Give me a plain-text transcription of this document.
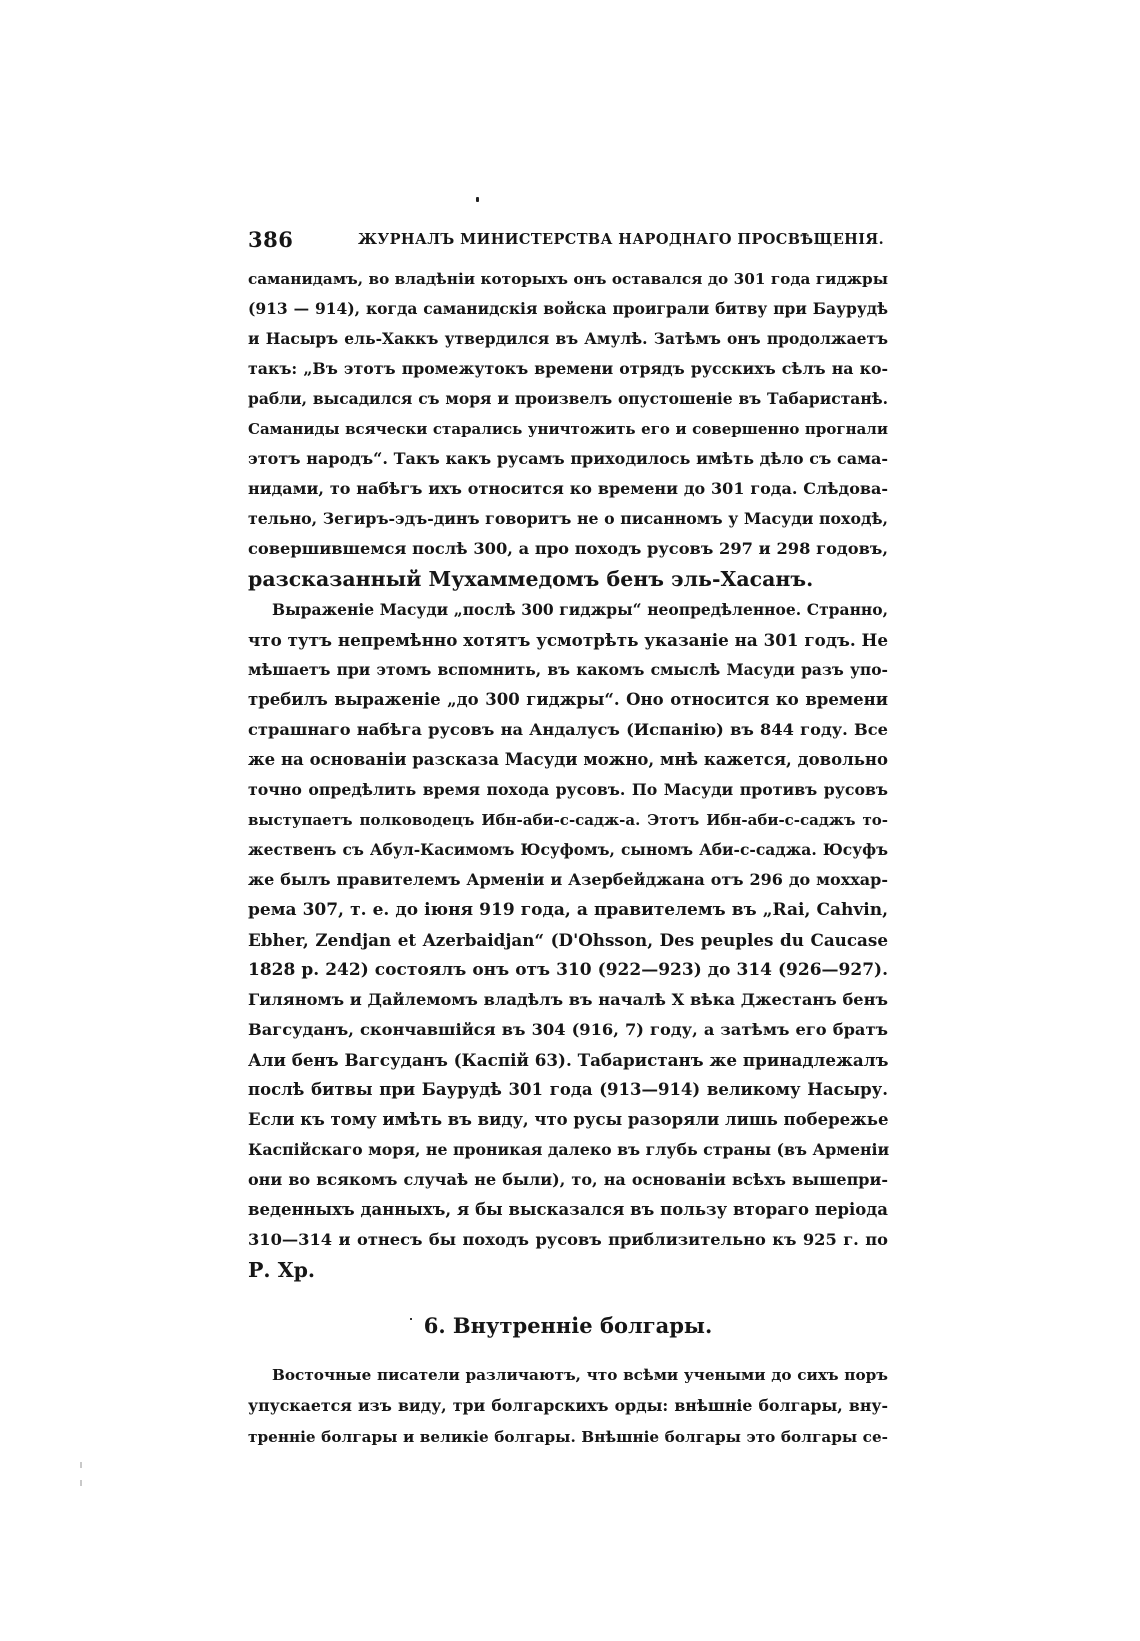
386	ЖУРНАЛЪ МИНИСТЕРСТВА НАРОДНАГО ПРОСВѢЩЕНІЯ.
саманидамъ, во владѣніи которыхъ онъ оставался до 301 года гиджры
(913 — 914), когда саманидскія войска проиграли битву при Баурудѣ
и Насыръ ель-Хаккъ утвердился въ Амулѣ. Затѣмъ онъ продолжаетъ
такъ: „Въ этотъ промежутокъ времени отрядъ русскихъ сѣлъ на ко-
рабли, высадился съ моря и произвелъ опустошеніе въ Табаристанѣ.
Саманиды всячески старались уничтожить его и совершенно прогнали
этотъ народъ“. Такъ какъ русамъ приходилось имѣть дѣло съ сама-
нидами, то набѣгъ ихъ относится ко времени до 301 года. Слѣдова-
тельно, Зегиръ-эдъ-динъ говоритъ не о писанномъ у Масуди походѣ,
совершившемся послѣ 300, а про походъ русовъ 297 и 298 годовъ,
разсказанный Мухаммедомъ бенъ эль-Хасанъ.
Выраженіе Масуди „послѣ 300 гиджры“ неопредѣленное. Странно,
что тутъ непремѣнно хотятъ усмотрѣть указаніе на 301 годъ. Не
мѣшаетъ при этомъ вспомнить, въ какомъ смыслѣ Масуди разъ упо-
требилъ выраженіе „до 300 гиджры“. Оно относится ко времени
страшнаго набѣга русовъ на Андалусъ (Испанію) въ 844 году. Все
же на основаніи разсказа Масуди можно, мнѣ кажется, довольно
точно опредѣлить время похода русовъ. По Масуди противъ русовъ
выступаетъ полководецъ Ибн-аби-с-садж-а. Этотъ Ибн-аби-с-саджъ то-
жественъ съ Абул-Касимомъ Юсуфомъ, сыномъ Аби-с-саджа. Юсуфъ
же былъ правителемъ Арменіи и Азербейджана отъ 296 до моххар-
рема 307, т. е. до іюня 919 года, а правителемъ въ „Rai, Cahvin,
Ebher, Zendjan et Azerbaidjan“ (D'Ohsson, Des peuples du Caucase
1828 p. 242) состоялъ онъ отъ 310 (922—923) до 314 (926—927).
Гиляномъ и Дайлемомъ владѣлъ въ началѣ X вѣка Джестанъ бенъ
Вагсуданъ, скончавшійся въ 304 (916, 7) году, а затѣмъ его братъ
Али бенъ Вагсуданъ (Каспій 63). Табаристанъ же принадлежалъ
послѣ битвы при Баурудѣ 301 года (913—914) великому Насыру.
Если къ тому имѣть въ виду, что русы разоряли лишь побережье
Каспійскаго моря, не проникая далеко въ глубь страны (въ Арменіи
они во всякомъ случаѣ не были), то, на основаніи всѣхъ вышепри-
веденныхъ данныхъ, я бы высказался въ пользу втораго періода
310—314 и отнесъ бы походъ русовъ приблизительно къ 925 г. по
Р. Хр.
6. Внутренніе болгары.
Восточные писатели различаютъ, что всѣми учеными до сихъ поръ
упускается изъ виду, три болгарскихъ орды: внѣшніе болгары, вну-
треннiе болгары и великіе болгары. Внѣшніе болгары это болгары се-
